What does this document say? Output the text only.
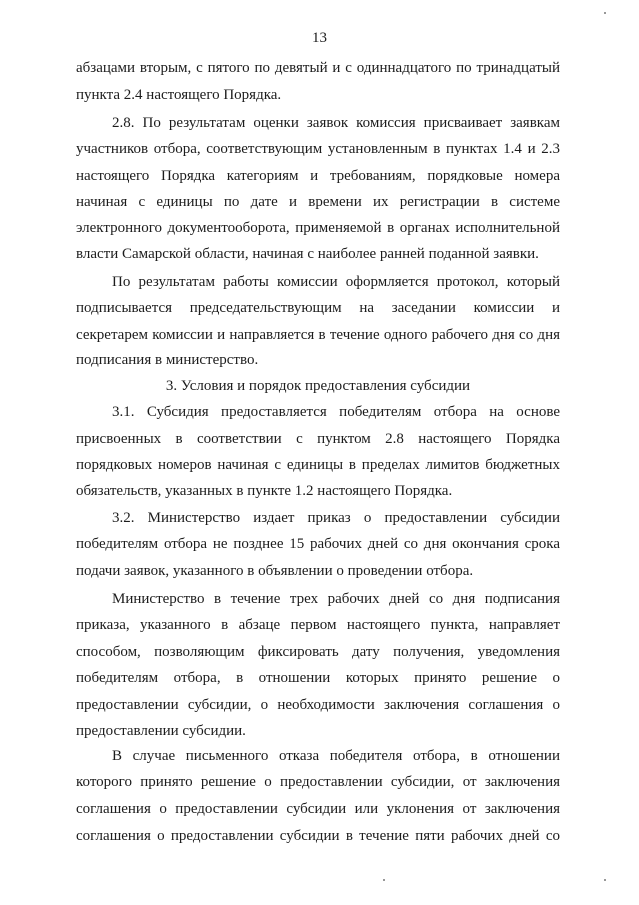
13
абзацами вторым, с пятого по девятый и с одиннадцатого по тринадцатый
пункта 2.4 настоящего Порядка.
2.8. По результатам оценки заявок комиссия присваивает заявкам
участников отбора, соответствующим установленным в пунктах 1.4 и 2.3
настоящего Порядка категориям и требованиям, порядковые номера
начиная с единицы по дате и времени их регистрации в системе
электронного документооборота, применяемой в органах исполнительной
власти Самарской области, начиная с наиболее ранней поданной заявки.
По результатам работы комиссии оформляется протокол, который
подписывается председательствующим на заседании комиссии и
секретарем комиссии и направляется в течение одного рабочего дня со дня
подписания в министерство.
3. Условия и порядок предоставления субсидии
3.1. Субсидия предоставляется победителям отбора на основе
присвоенных в соответствии с пунктом 2.8 настоящего Порядка
порядковых номеров начиная с единицы в пределах лимитов бюджетных
обязательств, указанных в пункте 1.2 настоящего Порядка.
3.2. Министерство издает приказ о предоставлении субсидии
победителям отбора не позднее 15 рабочих дней со дня окончания срока
подачи заявок, указанного в объявлении о проведении отбора.
Министерство в течение трех рабочих дней со дня подписания
приказа, указанного в абзаце первом настоящего пункта, направляет
способом, позволяющим фиксировать дату получения, уведомления
победителям отбора, в отношении которых принято решение о
предоставлении субсидии, о необходимости заключения соглашения о
предоставлении субсидии.
В случае письменного отказа победителя отбора, в отношении
которого принято решение о предоставлении субсидии, от заключения
соглашения о предоставлении субсидии или уклонения от заключения
соглашения о предоставлении субсидии в течение пяти рабочих дней со
